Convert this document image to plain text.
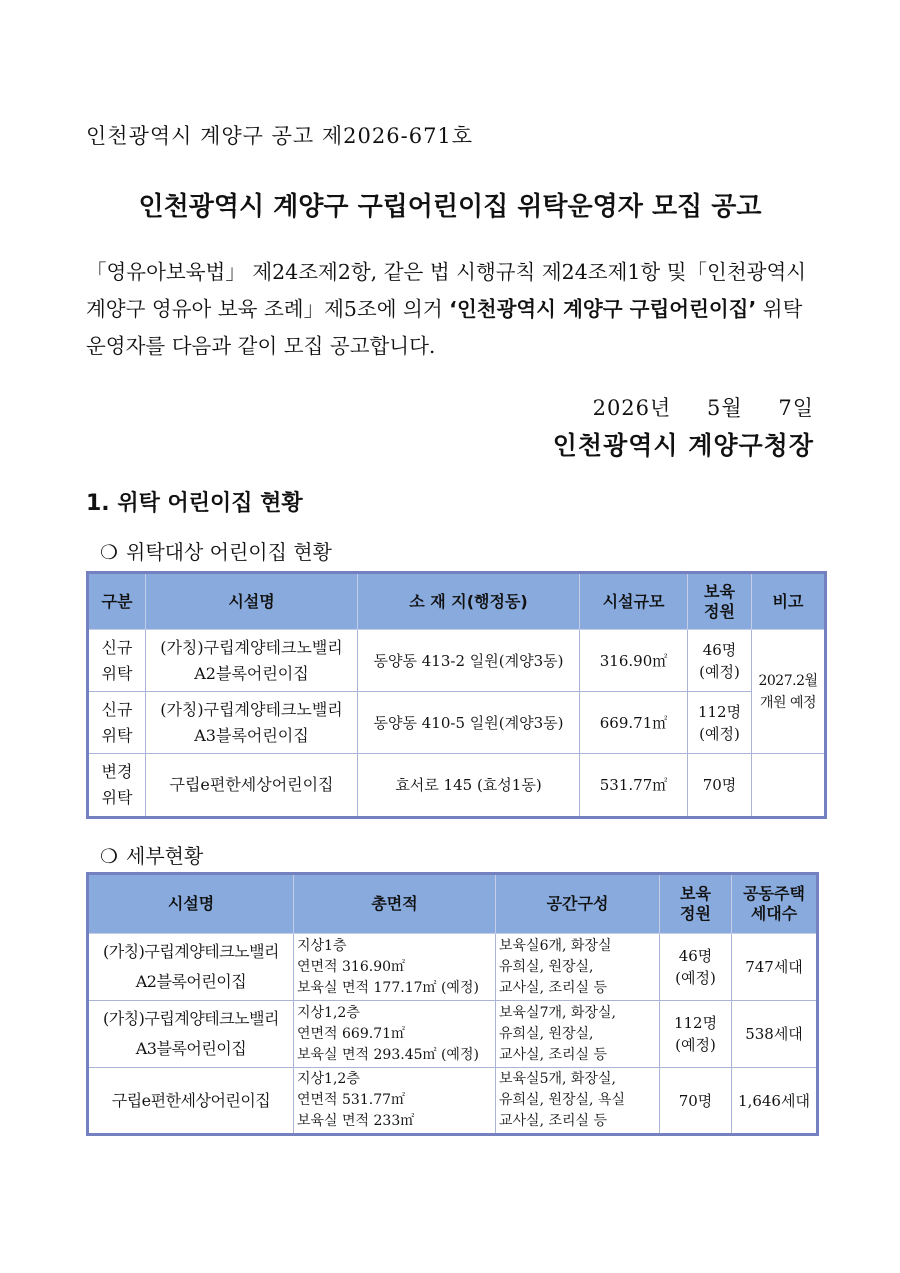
인천광역시 계양구 공고 제2026-671호
인천광역시 계양구 구립어린이집 위탁운영자 모집 공고
「영유아보육법」 제24조제2항, 같은 법 시행규칙 제24조제1항 및「인천광역시 계양구 영유아 보육 조례」제5조에 의거 ‘인천광역시 계양구 구립어린이집’ 위탁운영자를 다음과 같이 모집 공고합니다.
2026년 5월 7일
인천광역시 계양구청장
1. 위탁 어린이집 현황
❍ 위탁대상 어린이집 현황
구분	시설명	소 재 지(행정동)	시설규모	보육
정원	비고
신규
위탁	(가칭)구립계양테크노밸리
A2블록어린이집	동양동 413-2 일원(계양3동)	316.90㎡	46명
(예정)	2027.2월
개원 예정
신규
위탁	(가칭)구립계양테크노밸리
A3블록어린이집	동양동 410-5 일원(계양3동)	669.71㎡	112명
(예정)	
변경
위탁	구립e편한세상어린이집	효서로 145 (효성1동)	531.77㎡	70명	
❍ 세부현황
시설명	총면적	공간구성	보육
정원	공동주택
세대수
(가칭)구립계양테크노밸리
A2블록어린이집	지상1층
연면적 316.90㎡
보육실 면적 177.17㎡ (예정)	보육실6개, 화장실
유희실, 원장실,
교사실, 조리실 등	46명
(예정)	747세대
(가칭)구립계양테크노밸리
A3블록어린이집	지상1,2층
연면적 669.71㎡
보육실 면적 293.45㎡ (예정)	보육실7개, 화장실,
유희실, 원장실,
교사실, 조리실 등	112명
(예정)	538세대
구립e편한세상어린이집	지상1,2층
연면적 531.77㎡
보육실 면적 233㎡	보육실5개, 화장실,
유희실, 원장실, 욕실
교사실, 조리실 등	70명	1,646세대
